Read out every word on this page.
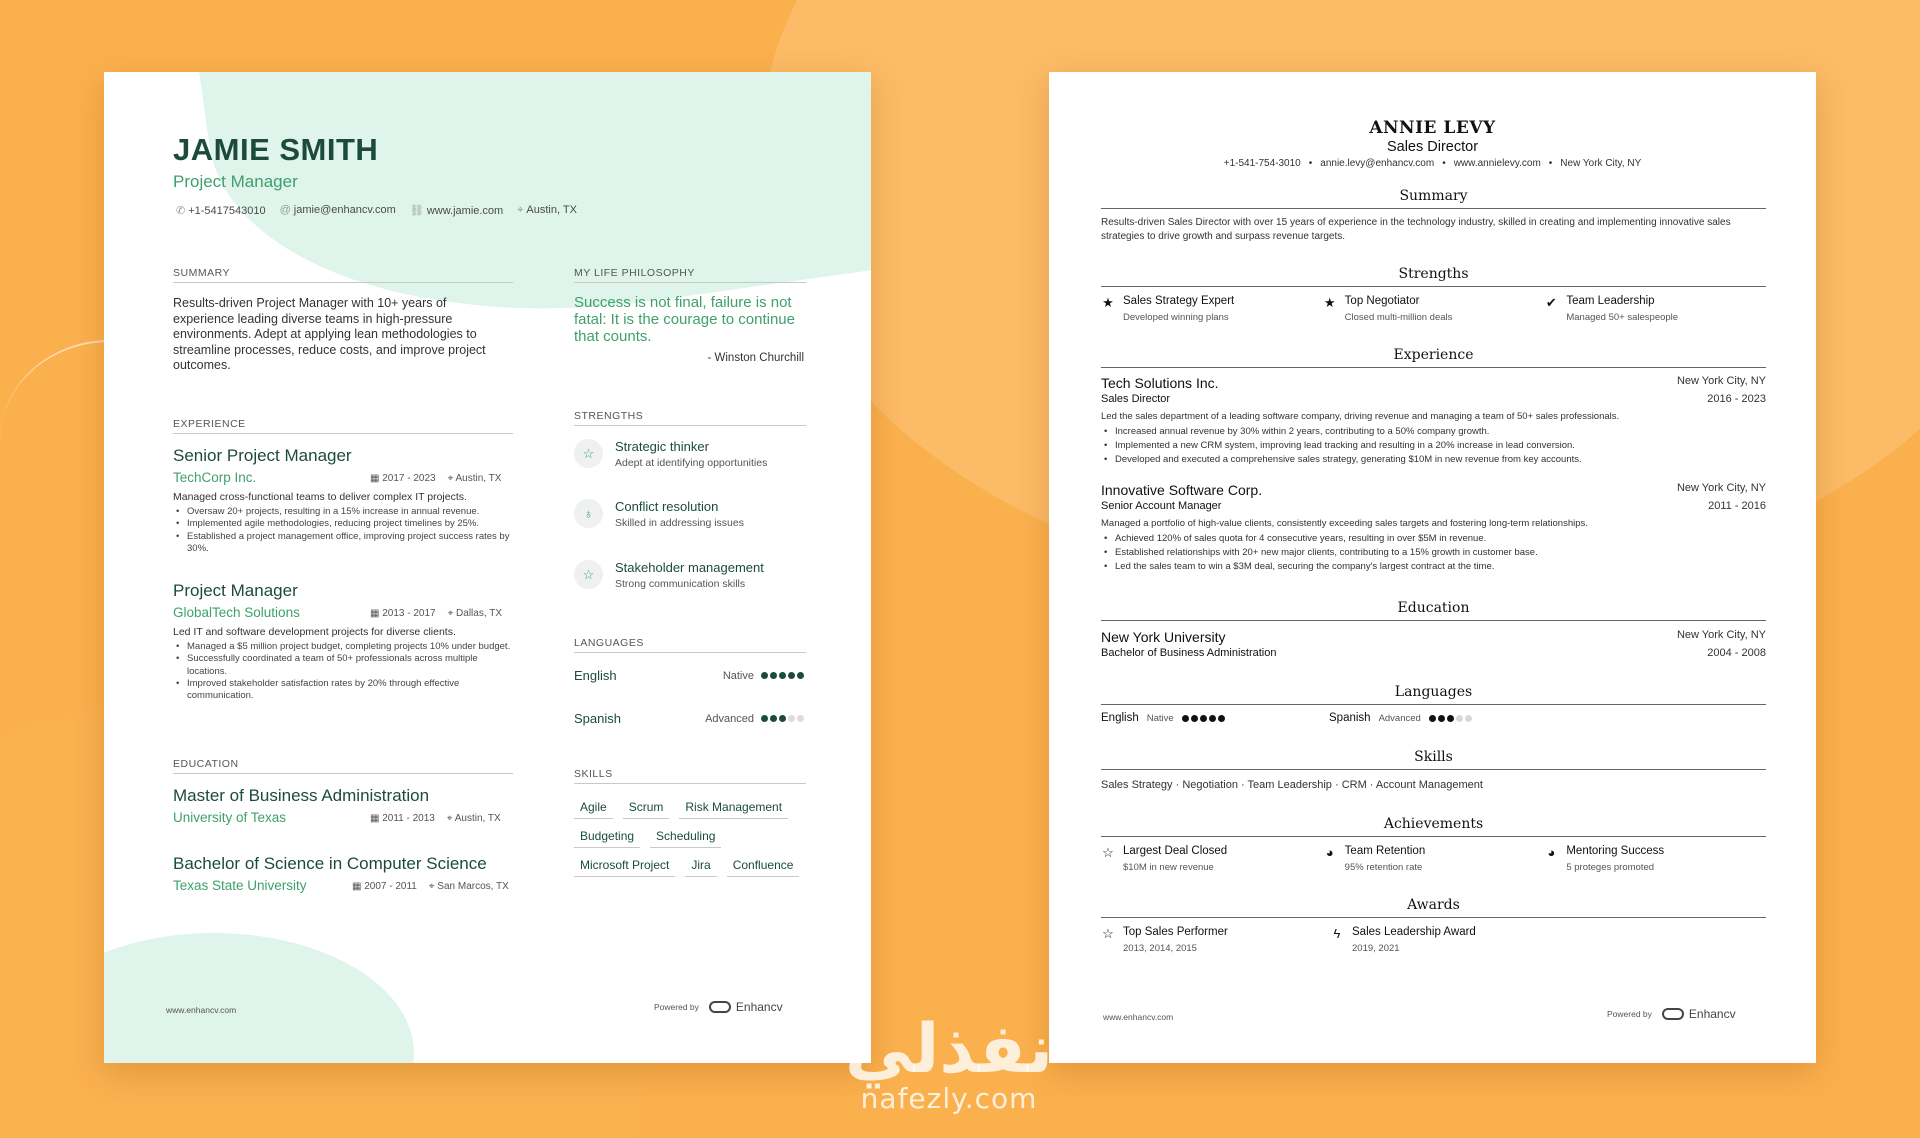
JAMIE SMITH
Project Manager
✆ +1-5417543010 @ jamie@enhancv.com ⛓ www.jamie.com ⌖ Austin, TX
SUMMARY
Results-driven Project Manager with 10+ years of experience leading diverse teams in high-pressure environments. Adept at applying lean methodologies to streamline processes, reduce costs, and improve project outcomes.
EXPERIENCE
Senior Project Manager
TechCorp Inc.	▦ 2017 - 2023 ⌖ Austin, TX
Managed cross-functional teams to deliver complex IT projects.
• Oversaw 20+ projects, resulting in a 15% increase in annual revenue.
• Implemented agile methodologies, reducing project timelines by 25%.
• Established a project management office, improving project success rates by 30%.
Project Manager
GlobalTech Solutions	▦ 2013 - 2017 ⌖ Dallas, TX
Led IT and software development projects for diverse clients.
• Managed a $5 million project budget, completing projects 10% under budget.
• Successfully coordinated a team of 50+ professionals across multiple locations.
• Improved stakeholder satisfaction rates by 20% through effective communication.
EDUCATION
Master of Business Administration
University of Texas	▦ 2011 - 2013 ⌖ Austin, TX
Bachelor of Science in Computer Science
Texas State University	▦ 2007 - 2011 ⌖ San Marcos, TX
MY LIFE PHILOSOPHY
Success is not final, failure is not fatal: It is the courage to continue that counts.
- Winston Churchill
STRENGTHS
☆	Strategic thinker
Adept at identifying opportunities
♁	Conflict resolution
Skilled in addressing issues
☆	Stakeholder management
Strong communication skills
LANGUAGES
English	Native
Spanish	Advanced
SKILLS
Agile	Scrum	Risk Management
Budgeting	Scheduling
Microsoft Project	Jira	Confluence
www.enhancv.com	Powered by	Enhancv
ANNIE LEVY
Sales Director
+1-541-754-3010 • annie.levy@enhancv.com • www.annielevy.com • New York City, NY
Summary
Results-driven Sales Director with over 15 years of experience in the technology industry, skilled in creating and implementing innovative sales strategies to drive growth and surpass revenue targets.
Strengths
★ Sales Strategy Expert
Developed winning plans
★ Top Negotiator
Closed multi-million deals
✔ Team Leadership
Managed 50+ salespeople
Experience
Tech Solutions Inc.	New York City, NY
Sales Director	2016 - 2023
Led the sales department of a leading software company, driving revenue and managing a team of 50+ sales professionals.
• Increased annual revenue by 30% within 2 years, contributing to a 50% company growth.
• Implemented a new CRM system, improving lead tracking and resulting in a 20% increase in lead conversion.
• Developed and executed a comprehensive sales strategy, generating $10M in new revenue from key accounts.
Innovative Software Corp.	New York City, NY
Senior Account Manager	2011 - 2016
Managed a portfolio of high-value clients, consistently exceeding sales targets and fostering long-term relationships.
• Achieved 120% of sales quota for 4 consecutive years, resulting in over $5M in revenue.
• Established relationships with 20+ new major clients, contributing to a 15% growth in customer base.
• Led the sales team to win a $3M deal, securing the company's largest contract at the time.
Education
New York University	New York City, NY
Bachelor of Business Administration	2004 - 2008
Languages
English Native	Spanish Advanced
Skills
Sales Strategy · Negotiation · Team Leadership · CRM · Account Management
Achievements
☆ Largest Deal Closed
$10M in new revenue
◕ Team Retention
95% retention rate
◕ Mentoring Success
5 proteges promoted
Awards
☆ Top Sales Performer
2013, 2014, 2015
ϟ	Sales Leadership Award
2019, 2021
www.enhancv.com	Powered by	Enhancv
نفذلي
nafezly.com
